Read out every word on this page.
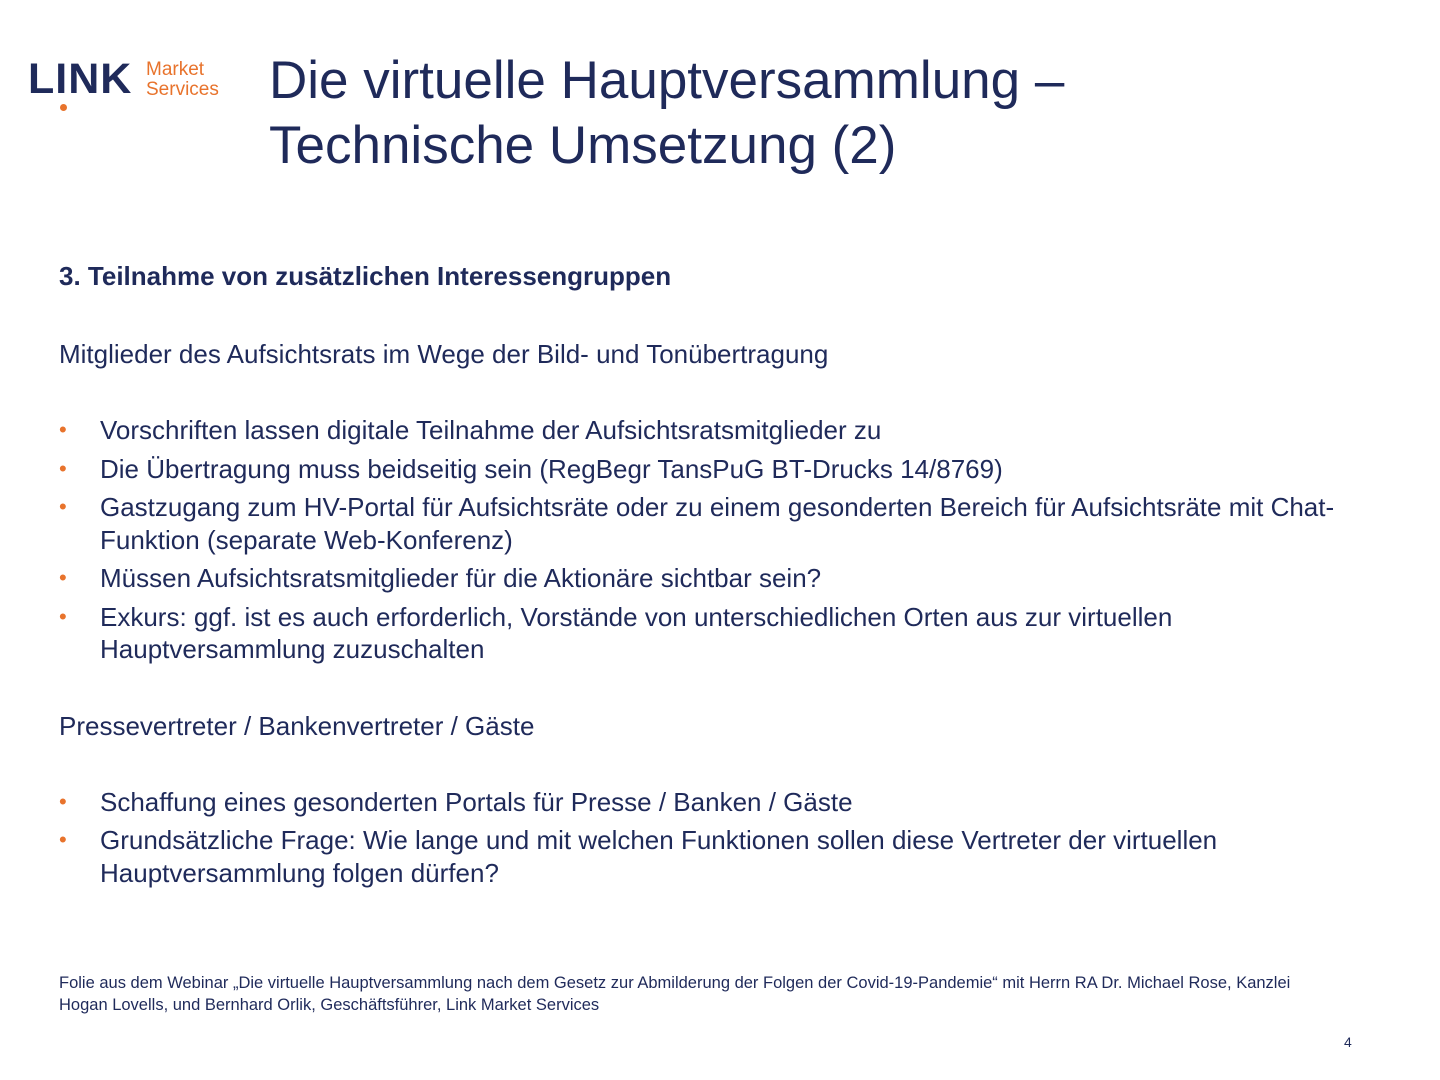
LINK Market
Services Die virtuelle Hauptversammlung –
Technische Umsetzung (2)
3. Teilnahme von zusätzlichen Interessengruppen
Mitglieder des Aufsichtsrats im Wege der Bild- und Tonübertragung
• Vorschriften lassen digitale Teilnahme der Aufsichtsratsmitglieder zu
• Die Übertragung muss beidseitig sein (RegBegr TansPuG BT-Drucks 14/8769)
• Gastzugang zum HV-Portal für Aufsichtsräte oder zu einem gesonderten Bereich für Aufsichtsräte mit Chat- Funktion (separate Web-Konferenz)
• Müssen Aufsichtsratsmitglieder für die Aktionäre sichtbar sein?
• Exkurs: ggf. ist es auch erforderlich, Vorstände von unterschiedlichen Orten aus zur virtuellen Hauptversammlung zuzuschalten
Pressevertreter / Bankenvertreter / Gäste
• Schaffung eines gesonderten Portals für Presse / Banken / Gäste
• Grundsätzliche Frage: Wie lange und mit welchen Funktionen sollen diese Vertreter der virtuellen Hauptversammlung folgen dürfen?
Folie aus dem Webinar „Die virtuelle Hauptversammlung nach dem Gesetz zur Abmilderung der Folgen der Covid-19-Pandemie“ mit Herrn RA Dr. Michael Rose, Kanzlei Hogan Lovells, und Bernhard Orlik, Geschäftsführer, Link Market Services
4
